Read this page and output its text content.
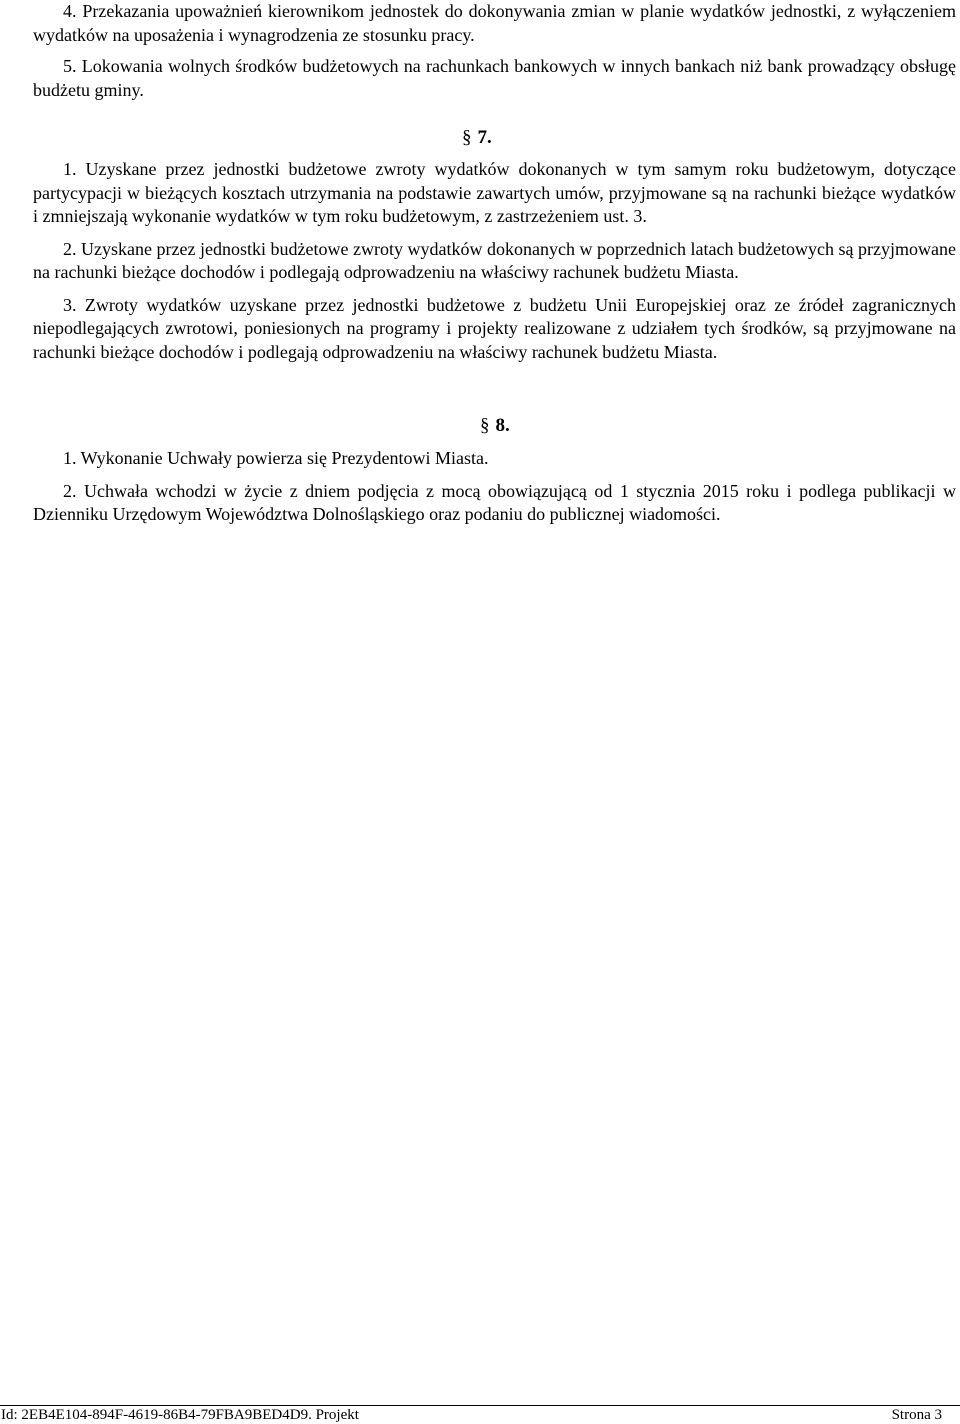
4. Przekazania upoważnień kierownikom jednostek do dokonywania zmian w planie wydatków jednostki, z wyłączeniem wydatków na uposażenia i wynagrodzenia ze stosunku pracy.

5. Lokowania wolnych środków budżetowych na rachunkach bankowych w innych bankach niż bank prowadzący obsługę budżetu gminy.

§ 7.

1. Uzyskane przez jednostki budżetowe zwroty wydatków dokonanych w tym samym roku budżetowym, dotyczące partycypacji w bieżących kosztach utrzymania na podstawie zawartych umów, przyjmowane są na rachunki bieżące wydatków i zmniejszają wykonanie wydatków w tym roku budżetowym, z zastrzeżeniem ust. 3.

2. Uzyskane przez jednostki budżetowe zwroty wydatków dokonanych w poprzednich latach budżetowych są przyjmowane na rachunki bieżące dochodów i podlegają odprowadzeniu na właściwy rachunek budżetu Miasta.

3. Zwroty wydatków uzyskane przez jednostki budżetowe z budżetu Unii Europejskiej oraz ze źródeł zagranicznych niepodlegających zwrotowi, poniesionych na programy i projekty realizowane z udziałem tych środków, są przyjmowane na rachunki bieżące dochodów i podlegają odprowadzeniu na właściwy rachunek budżetu Miasta.

§ 8.

1. Wykonanie Uchwały powierza się Prezydentowi Miasta.

2. Uchwała wchodzi w życie z dniem podjęcia z mocą obowiązującą od 1 stycznia 2015 roku i podlega publikacji w Dzienniku Urzędowym Województwa Dolnośląskiego oraz podaniu do publicznej wiadomości.

Id: 2EB4E104-894F-4619-86B4-79FBA9BED4D9. Projekt	Strona 3
